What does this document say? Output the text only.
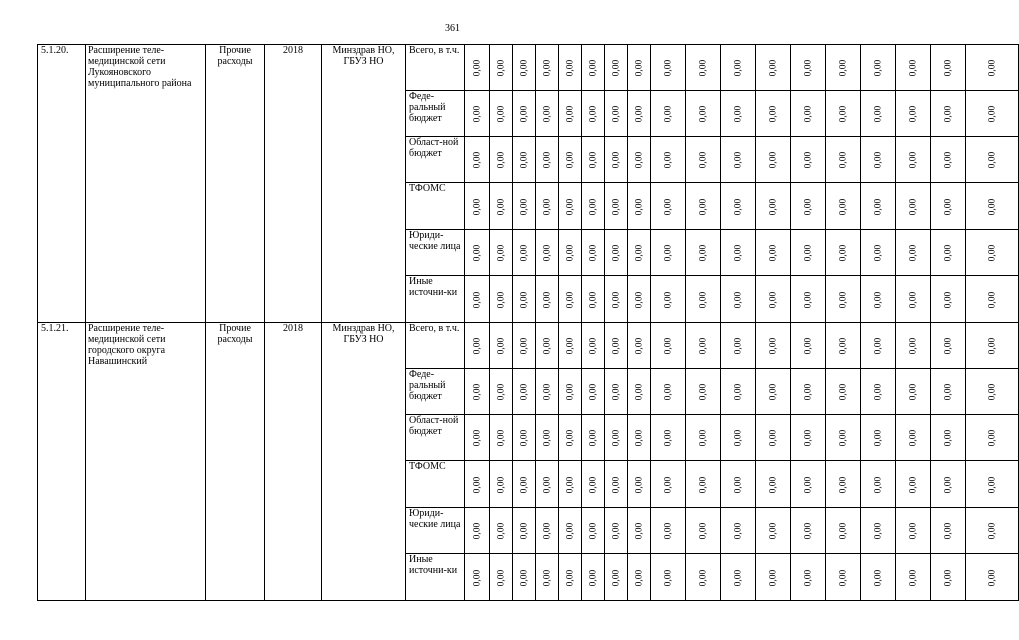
361
5.1.20.	Расширение теле-медицинской сети Лукояновского муниципального района	Прочие расходы	2018	Минздрав НО, ГБУЗ НО	Всего, в т.ч.	0,00	0,00	0,00	0,00	0,00	0,00	0,00	0,00	0,00	0,00	0,00	0,00	0,00	0,00	0,00	0,00	0,00	0,00
					Феде-ральный бюджет	0,00	0,00	0,00	0,00	0,00	0,00	0,00	0,00	0,00	0,00	0,00	0,00	0,00	0,00	0,00	0,00	0,00	0,00
					Област-ной бюджет	0,00	0,00	0,00	0,00	0,00	0,00	0,00	0,00	0,00	0,00	0,00	0,00	0,00	0,00	0,00	0,00	0,00	0,00
					ТФОМС	0,00	0,00	0,00	0,00	0,00	0,00	0,00	0,00	0,00	0,00	0,00	0,00	0,00	0,00	0,00	0,00	0,00	0,00
					Юриди-ческие лица	0,00	0,00	0,00	0,00	0,00	0,00	0,00	0,00	0,00	0,00	0,00	0,00	0,00	0,00	0,00	0,00	0,00	0,00
					Иные источни-ки	0,00	0,00	0,00	0,00	0,00	0,00	0,00	0,00	0,00	0,00	0,00	0,00	0,00	0,00	0,00	0,00	0,00	0,00
5.1.21.	Расширение теле-медицинской сети городского округа Навашинский	Прочие расходы	2018	Минздрав НО, ГБУЗ НО	Всего, в т.ч.	0,00	0,00	0,00	0,00	0,00	0,00	0,00	0,00	0,00	0,00	0,00	0,00	0,00	0,00	0,00	0,00	0,00	0,00
					Феде-ральный бюджет	0,00	0,00	0,00	0,00	0,00	0,00	0,00	0,00	0,00	0,00	0,00	0,00	0,00	0,00	0,00	0,00	0,00	0,00
					Област-ной бюджет	0,00	0,00	0,00	0,00	0,00	0,00	0,00	0,00	0,00	0,00	0,00	0,00	0,00	0,00	0,00	0,00	0,00	0,00
					ТФОМС	0,00	0,00	0,00	0,00	0,00	0,00	0,00	0,00	0,00	0,00	0,00	0,00	0,00	0,00	0,00	0,00	0,00	0,00
					Юриди-ческие лица	0,00	0,00	0,00	0,00	0,00	0,00	0,00	0,00	0,00	0,00	0,00	0,00	0,00	0,00	0,00	0,00	0,00	0,00
					Иные источни-ки	0,00	0,00	0,00	0,00	0,00	0,00	0,00	0,00	0,00	0,00	0,00	0,00	0,00	0,00	0,00	0,00	0,00	0,00
